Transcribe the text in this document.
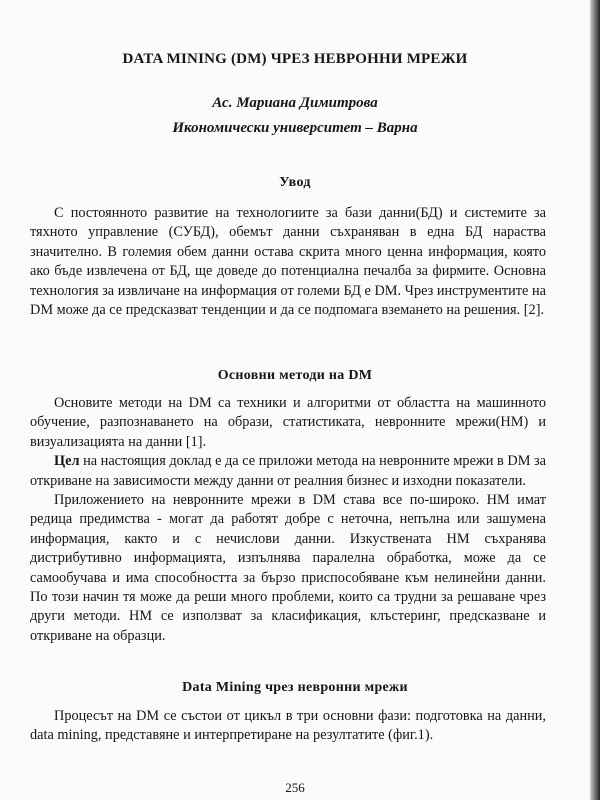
DATA MINING (DM) ЧРЕЗ НЕВРОННИ МРЕЖИ
Ас. Мариана Димитрова
Икономически университет – Варна
Увод

С постоянното развитие на технологиите за бази данни(БД) и системите за тяхното управление (СУБД), обемът данни съхраняван в една БД нараства значително. В големия обем данни остава скрита много ценна информация, която ако бъде извлечена от БД, ще доведе до потенциална печалба за фирмите. Основна технология за извличане на информация от големи БД е DM. Чрез инструментите на DM може да се предсказват тенденции и да се подпомага вземането на решения. [2].

Основни методи на DM

Основите методи на DM са техники и алгоритми от областта на машинното обучение, разпознаването на образи, статистиката, невронните мрежи(НМ) и визуализацията на данни [1].

Цел на настоящия доклад е да се приложи метода на невронните мрежи в DM за откриване на зависимости между данни от реалния бизнес и изходни показатели.

Приложението на невронните мрежи в DM става все по-широко. НМ имат редица предимства - могат да работят добре с неточна, непълна или зашумена информация, както и с нечислови данни. Изкуствената НМ съхранява дистрибутивно информацията, изпълнява паралелна обработка, може да се самообучава и има способността за бързо приспособяване към нелинейни данни. По този начин тя може да реши много проблеми, които са трудни за решаване чрез други методи. НМ се използват за класификация, клъстеринг, предсказване и откриване на образци.

Data Mining чрез невронни мрежи

Процесът на DM се състои от цикъл в три основни фази: подготовка на данни, data mining, представяне и интерпретиране на резултатите (фиг.1).

256
